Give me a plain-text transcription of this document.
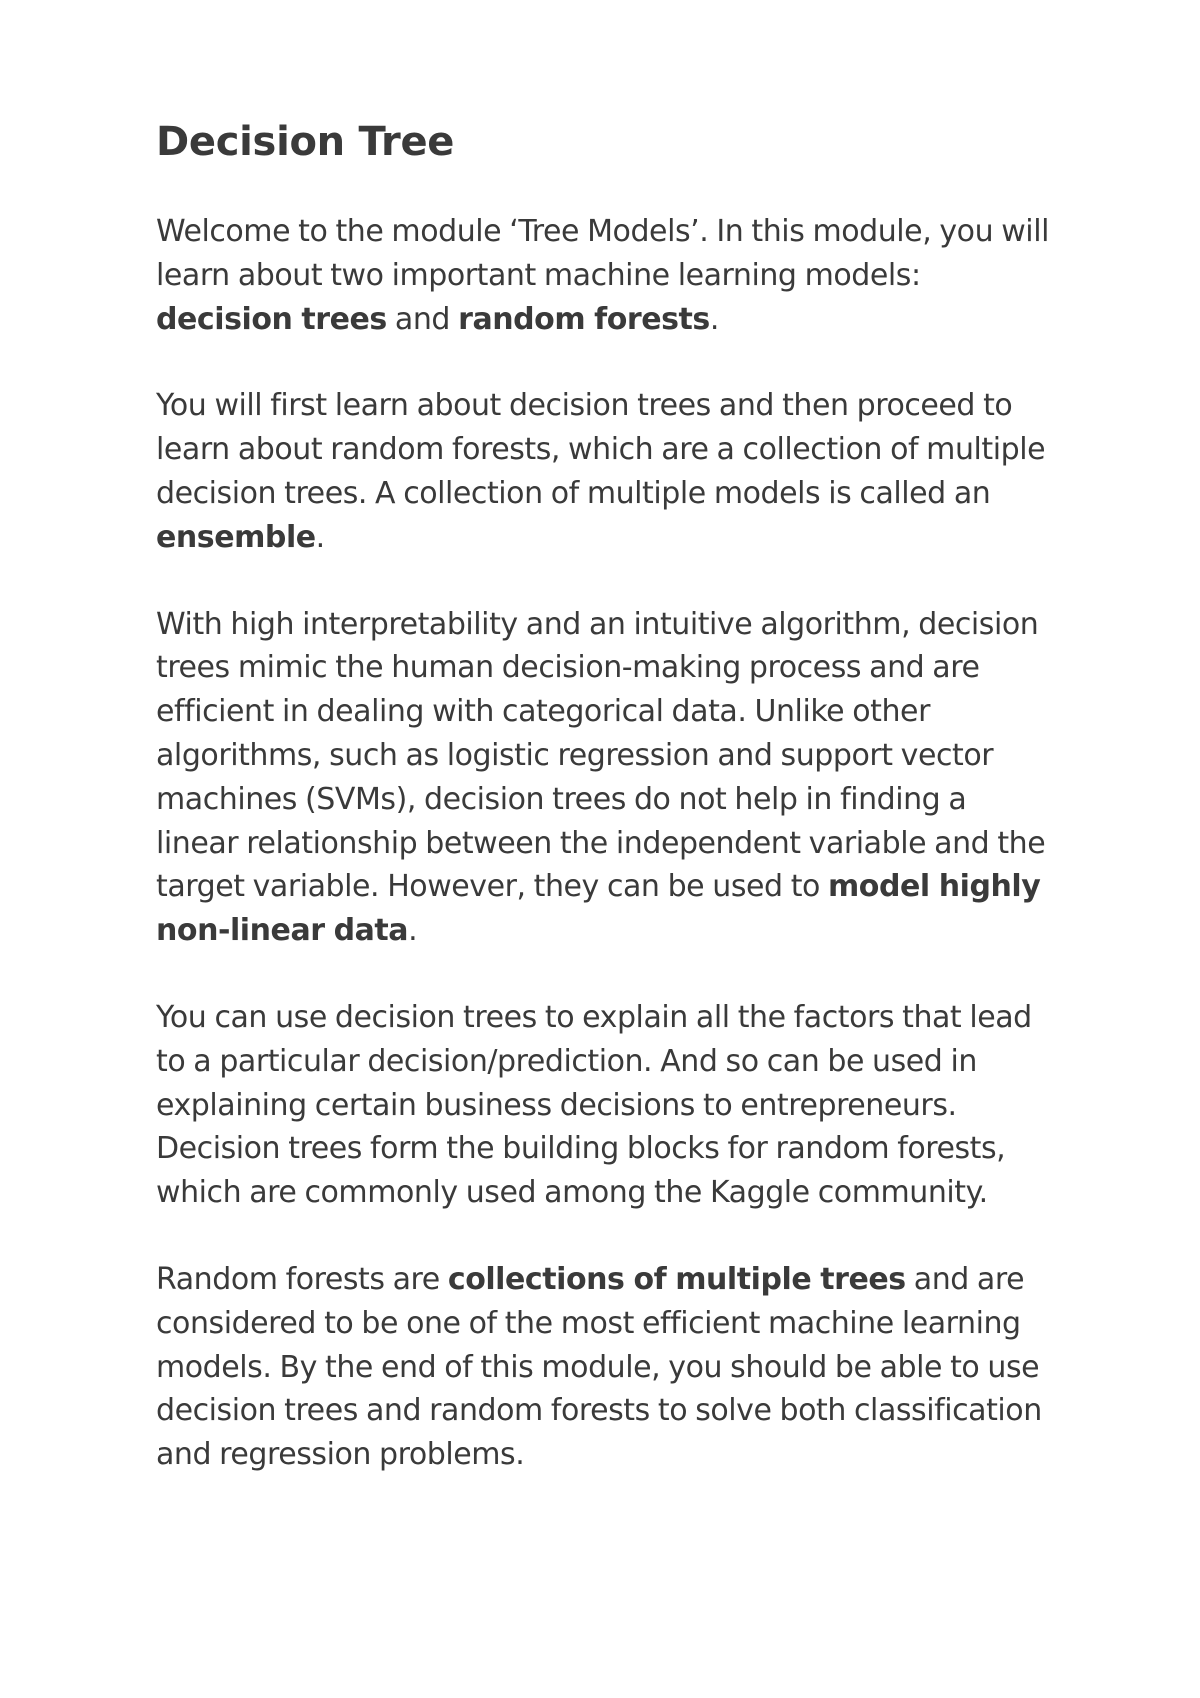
Decision Tree

Welcome to the module ‘Tree Models’. In this module, you will learn about two important machine learning models: decision trees and random forests.

You will first learn about decision trees and then proceed to learn about random forests, which are a collection of multiple decision trees. A collection of multiple models is called an ensemble.

With high interpretability and an intuitive algorithm, decision trees mimic the human decision-making process and are efficient in dealing with categorical data. Unlike other algorithms, such as logistic regression and support vector machines (SVMs), decision trees do not help in finding a linear relationship between the independent variable and the target variable. However, they can be used to model highly non-linear data.

You can use decision trees to explain all the factors that lead to a particular decision/prediction. And so can be used in explaining certain business decisions to entrepreneurs. Decision trees form the building blocks for random forests, which are commonly used among the Kaggle community.

Random forests are collections of multiple trees and are considered to be one of the most efficient machine learning models. By the end of this module, you should be able to use decision trees and random forests to solve both classification and regression problems.
